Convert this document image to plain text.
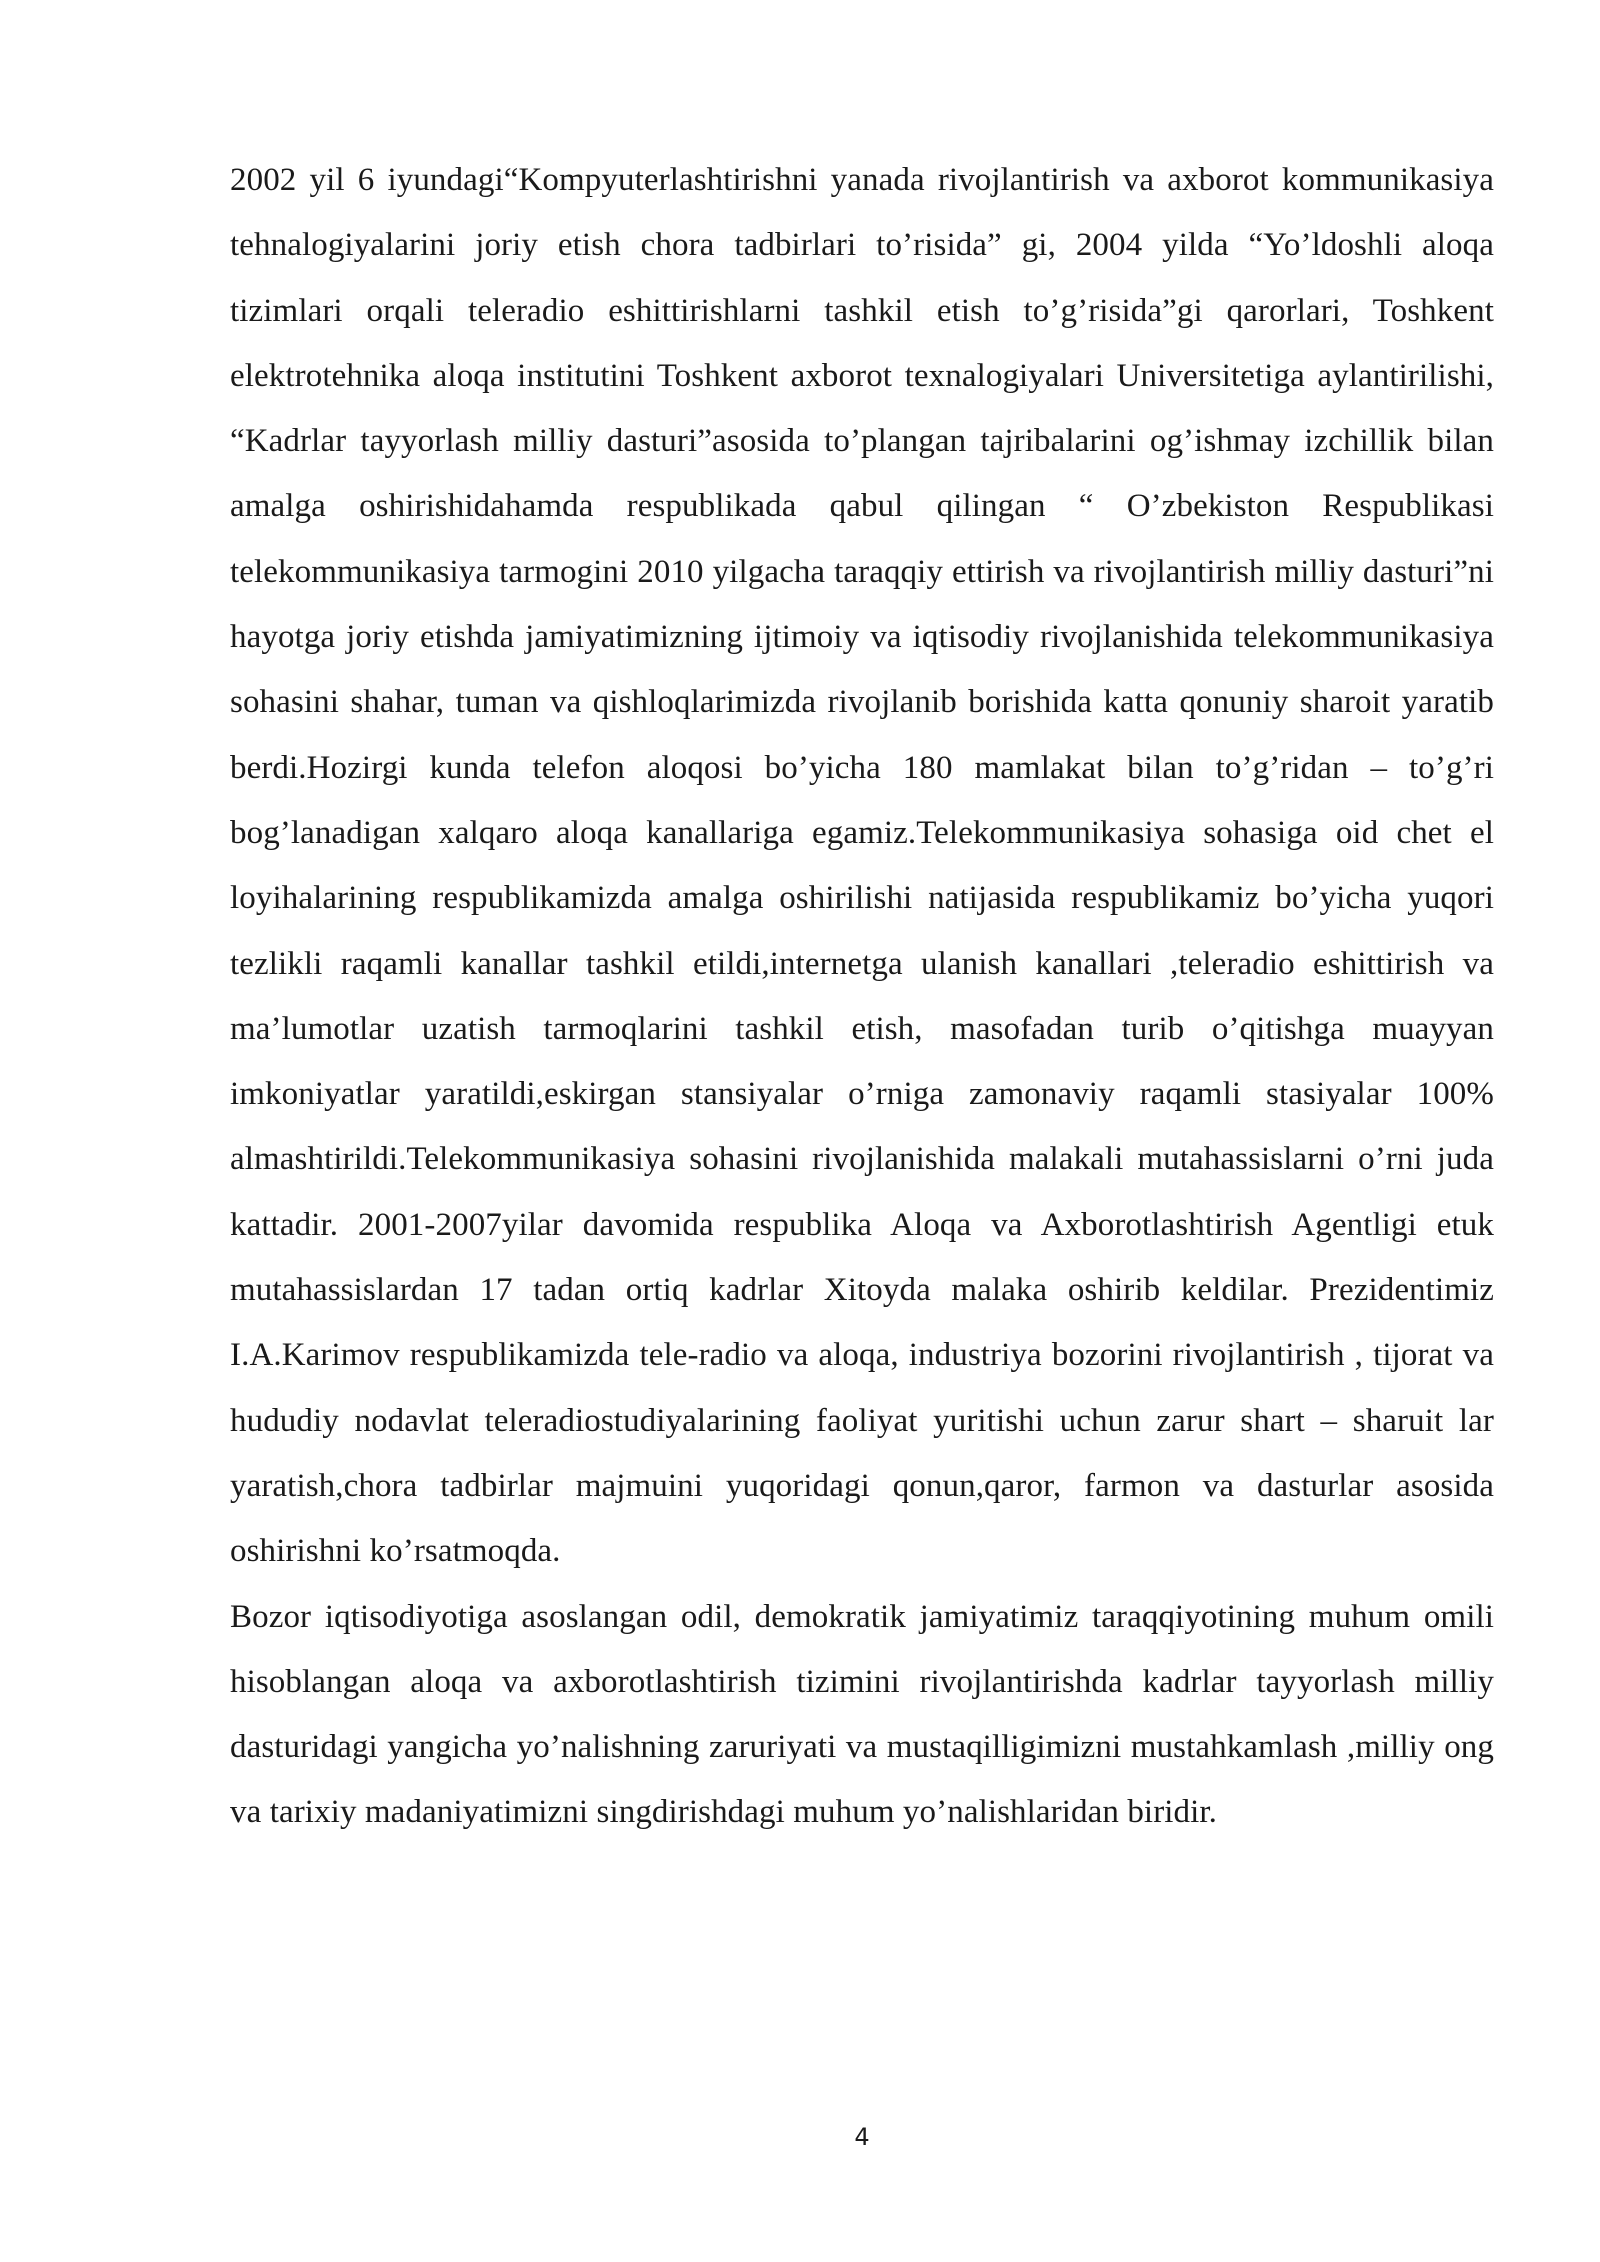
2002 yil 6 iyundagi“Kompyuterlashtirishni yanada rivojlantirish va axborot kommunikasiya tehnalogiyalarini joriy etish chora tadbirlari to’risida” gi, 2004 yilda “Yo’ldoshli aloqa tizimlari orqali teleradio eshittirishlarni tashkil etish to’g’risida”gi qarorlari, Toshkent elektrotehnika aloqa institutini Toshkent axborot texnalogiyalari Universitetiga aylantirilishi, “Kadrlar tayyorlash milliy dasturi”asosida to’plangan tajribalarini og’ishmay izchillik bilan amalga oshirishidahamda respublikada qabul qilingan “ O’zbekiston Respublikasi telekommunikasiya tarmogini 2010 yilgacha taraqqiy ettirish va rivojlantirish milliy dasturi”ni hayotga joriy etishda jamiyatimizning ijtimoiy va iqtisodiy rivojlanishida telekommunikasiya sohasini shahar, tuman va qishloqlarimizda rivojlanib borishida katta qonuniy sharoit yaratib berdi.Hozirgi kunda telefon aloqosi bo’yicha 180 mamlakat bilan to’g’ridan – to’g’ri bog’lanadigan xalqaro aloqa kanallariga egamiz.Telekommunikasiya sohasiga oid chet el loyihalarining respublikamizda amalga oshirilishi natijasida respublikamiz bo’yicha yuqori tezlikli raqamli kanallar tashkil etildi,internetga ulanish kanallari ,teleradio eshittirish va ma’lumotlar uzatish tarmoqlarini tashkil etish, masofadan turib o’qitishga muayyan imkoniyatlar yaratildi,eskirgan stansiyalar o’rniga zamonaviy raqamli stasiyalar 100% almashtirildi.Telekommunikasiya sohasini rivojlanishida malakali mutahassislarni o’rni juda kattadir. 2001-2007yilar davomida respublika Aloqa va Axborotlashtirish Agentligi etuk mutahassislardan 17 tadan ortiq kadrlar Xitoyda malaka oshirib keldilar. Prezidentimiz I.A.Karimov respublikamizda tele-radio va aloqa, industriya bozorini rivojlantirish , tijorat va hududiy nodavlat teleradiostudiyalarining faoliyat yuritishi uchun zarur shart – sharuit lar yaratish,chora tadbirlar majmuini yuqoridagi qonun,qaror, farmon va dasturlar asosida oshirishni ko’rsatmoqda.

Bozor iqtisodiyotiga asoslangan odil, demokratik jamiyatimiz taraqqiyotining muhum omili hisoblangan aloqa va axborotlashtirish tizimini rivojlantirishda kadrlar tayyorlash milliy dasturidagi yangicha yo’nalishning zaruriyati va mustaqilligimizni mustahkamlash ,milliy ong va tarixiy madaniyatimizni singdirishdagi muhum yo’nalishlaridan biridir.

4
